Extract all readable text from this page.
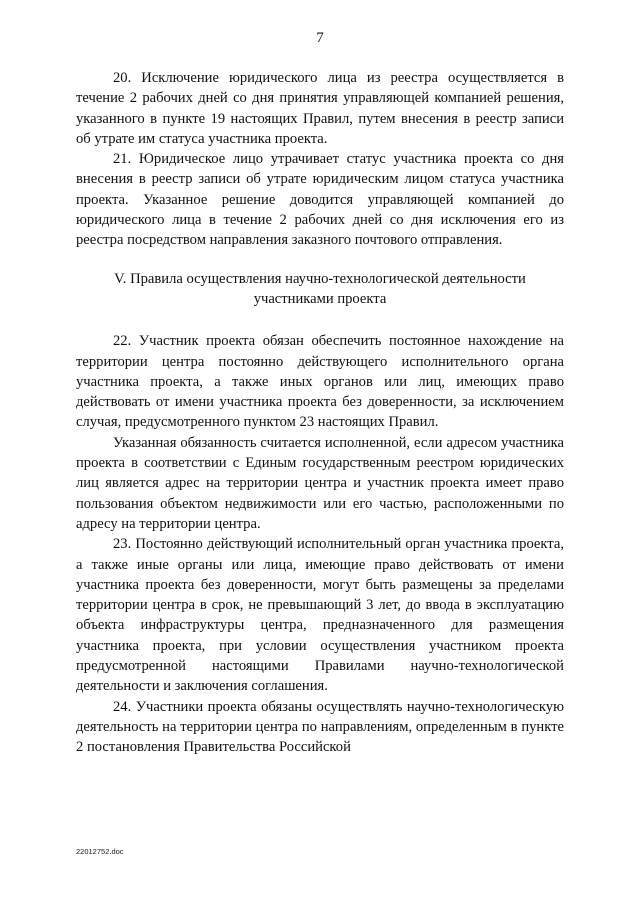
7

20. Исключение юридического лица из реестра осуществляется в течение 2 рабочих дней со дня принятия управляющей компанией решения, указанного в пункте 19 настоящих Правил, путем внесения в реестр записи об утрате им статуса участника проекта.

21. Юридическое лицо утрачивает статус участника проекта со дня внесения в реестр записи об утрате юридическим лицом статуса участника проекта. Указанное решение доводится управляющей компанией до юридического лица в течение 2 рабочих дней со дня исключения его из реестра посредством направления заказного почтового отправления.

V. Правила осуществления научно-технологической деятельности
участниками проекта

22. Участник проекта обязан обеспечить постоянное нахождение на территории центра постоянно действующего исполнительного органа участника проекта, а также иных органов или лиц, имеющих право действовать от имени участника проекта без доверенности, за исключением случая, предусмотренного пунктом 23 настоящих Правил.

Указанная обязанность считается исполненной, если адресом участника проекта в соответствии с Единым государственным реестром юридических лиц является адрес на территории центра и участник проекта имеет право пользования объектом недвижимости или его частью, расположенными по адресу на территории центра.

23. Постоянно действующий исполнительный орган участника проекта, а также иные органы или лица, имеющие право действовать от имени участника проекта без доверенности, могут быть размещены за пределами территории центра в срок, не превышающий 3 лет, до ввода в эксплуатацию объекта инфраструктуры центра, предназначенного для размещения участника проекта, при условии осуществления участником проекта предусмотренной настоящими Правилами научно-технологической деятельности и заключения соглашения.

24. Участники проекта обязаны осуществлять научно-технологическую деятельность на территории центра по направлениям, определенным в пункте 2 постановления Правительства Российской

22012752.doc
